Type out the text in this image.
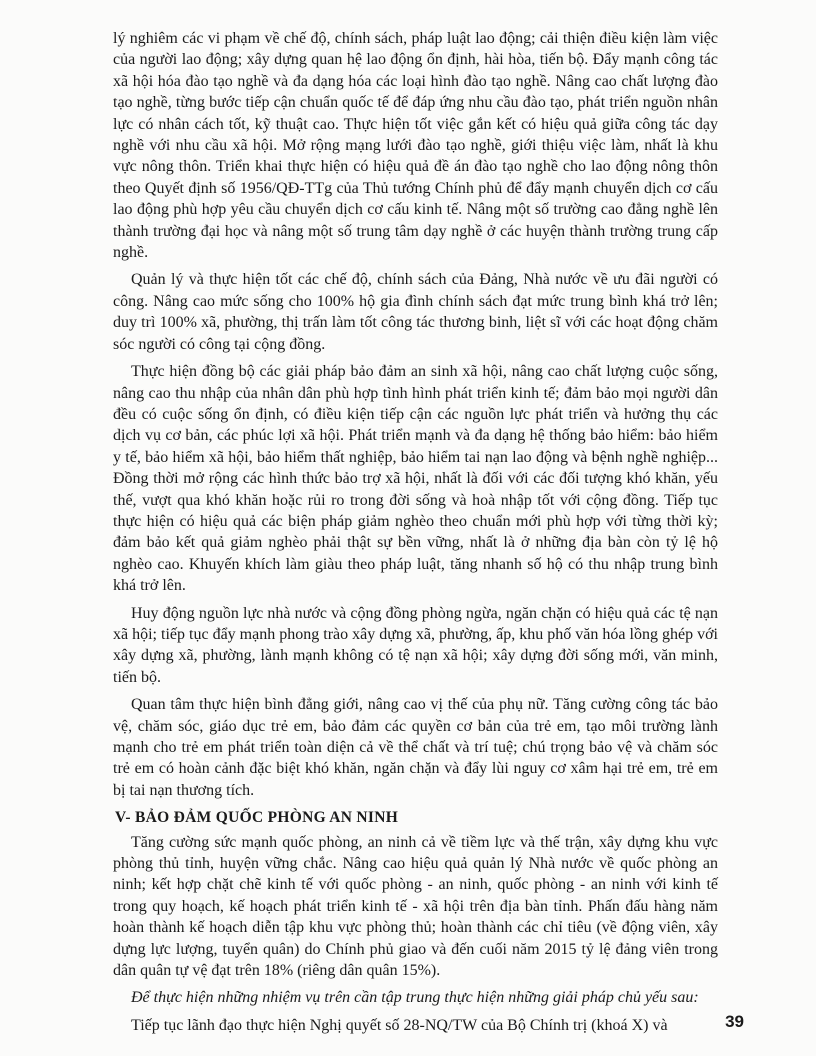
lý nghiêm các vi phạm về chế độ, chính sách, pháp luật lao động; cải thiện điều kiện làm việc của người lao động; xây dựng quan hệ lao động ổn định, hài hòa, tiến bộ. Đẩy mạnh công tác xã hội hóa đào tạo nghề và đa dạng hóa các loại hình đào tạo nghề. Nâng cao chất lượng đào tạo nghề, từng bước tiếp cận chuẩn quốc tế để đáp ứng nhu cầu đào tạo, phát triển nguồn nhân lực có nhân cách tốt, kỹ thuật cao. Thực hiện tốt việc gắn kết có hiệu quả giữa công tác dạy nghề với nhu cầu xã hội. Mở rộng mạng lưới đào tạo nghề, giới thiệu việc làm, nhất là khu vực nông thôn. Triển khai thực hiện có hiệu quả đề án đào tạo nghề cho lao động nông thôn theo Quyết định số 1956/QĐ-TTg của Thủ tướng Chính phủ để đẩy mạnh chuyển dịch cơ cấu lao động phù hợp yêu cầu chuyển dịch cơ cấu kinh tế. Nâng một số trường cao đẳng nghề lên thành trường đại học và nâng một số trung tâm dạy nghề ở các huyện thành trường trung cấp nghề.

Quản lý và thực hiện tốt các chế độ, chính sách của Đảng, Nhà nước về ưu đãi người có công. Nâng cao mức sống cho 100% hộ gia đình chính sách đạt mức trung bình khá trở lên; duy trì 100% xã, phường, thị trấn làm tốt công tác thương binh, liệt sĩ với các hoạt động chăm sóc người có công tại cộng đồng.

Thực hiện đồng bộ các giải pháp bảo đảm an sinh xã hội, nâng cao chất lượng cuộc sống, nâng cao thu nhập của nhân dân phù hợp tình hình phát triển kinh tế; đảm bảo mọi người dân đều có cuộc sống ổn định, có điều kiện tiếp cận các nguồn lực phát triển và hưởng thụ các dịch vụ cơ bản, các phúc lợi xã hội. Phát triển mạnh và đa dạng hệ thống bảo hiểm: bảo hiểm y tế, bảo hiểm xã hội, bảo hiểm thất nghiệp, bảo hiểm tai nạn lao động và bệnh nghề nghiệp... Đồng thời mở rộng các hình thức bảo trợ xã hội, nhất là đối với các đối tượng khó khăn, yếu thế, vượt qua khó khăn hoặc rủi ro trong đời sống và hoà nhập tốt với cộng đồng. Tiếp tục thực hiện có hiệu quả các biện pháp giảm nghèo theo chuẩn mới phù hợp với từng thời kỳ; đảm bảo kết quả giảm nghèo phải thật sự bền vững, nhất là ở những địa bàn còn tỷ lệ hộ nghèo cao. Khuyến khích làm giàu theo pháp luật, tăng nhanh số hộ có thu nhập trung bình khá trở lên.

Huy động nguồn lực nhà nước và cộng đồng phòng ngừa, ngăn chặn có hiệu quả các tệ nạn xã hội; tiếp tục đẩy mạnh phong trào xây dựng xã, phường, ấp, khu phố văn hóa lồng ghép với xây dựng xã, phường, lành mạnh không có tệ nạn xã hội; xây dựng đời sống mới, văn minh, tiến bộ.

Quan tâm thực hiện bình đẳng giới, nâng cao vị thế của phụ nữ. Tăng cường công tác bảo vệ, chăm sóc, giáo dục trẻ em, bảo đảm các quyền cơ bản của trẻ em, tạo môi trường lành mạnh cho trẻ em phát triển toàn diện cả về thể chất và trí tuệ; chú trọng bảo vệ và chăm sóc trẻ em có hoàn cảnh đặc biệt khó khăn, ngăn chặn và đẩy lùi nguy cơ xâm hại trẻ em, trẻ em bị tai nạn thương tích.

V- BẢO ĐẢM QUỐC PHÒNG AN NINH

Tăng cường sức mạnh quốc phòng, an ninh cả về tiềm lực và thế trận, xây dựng khu vực phòng thủ tỉnh, huyện vững chắc. Nâng cao hiệu quả quản lý Nhà nước về quốc phòng an ninh; kết hợp chặt chẽ kinh tế với quốc phòng - an ninh, quốc phòng - an ninh với kinh tế trong quy hoạch, kế hoạch phát triển kinh tế - xã hội trên địa bàn tỉnh. Phấn đấu hàng năm hoàn thành kế hoạch diễn tập khu vực phòng thủ; hoàn thành các chỉ tiêu (về động viên, xây dựng lực lượng, tuyển quân) do Chính phủ giao và đến cuối năm 2015 tỷ lệ đảng viên trong dân quân tự vệ đạt trên 18% (riêng dân quân 15%).

Để thực hiện những nhiệm vụ trên cần tập trung thực hiện những giải pháp chủ yếu sau:

Tiếp tục lãnh đạo thực hiện Nghị quyết số 28-NQ/TW của Bộ Chính trị (khoá X) và	39
